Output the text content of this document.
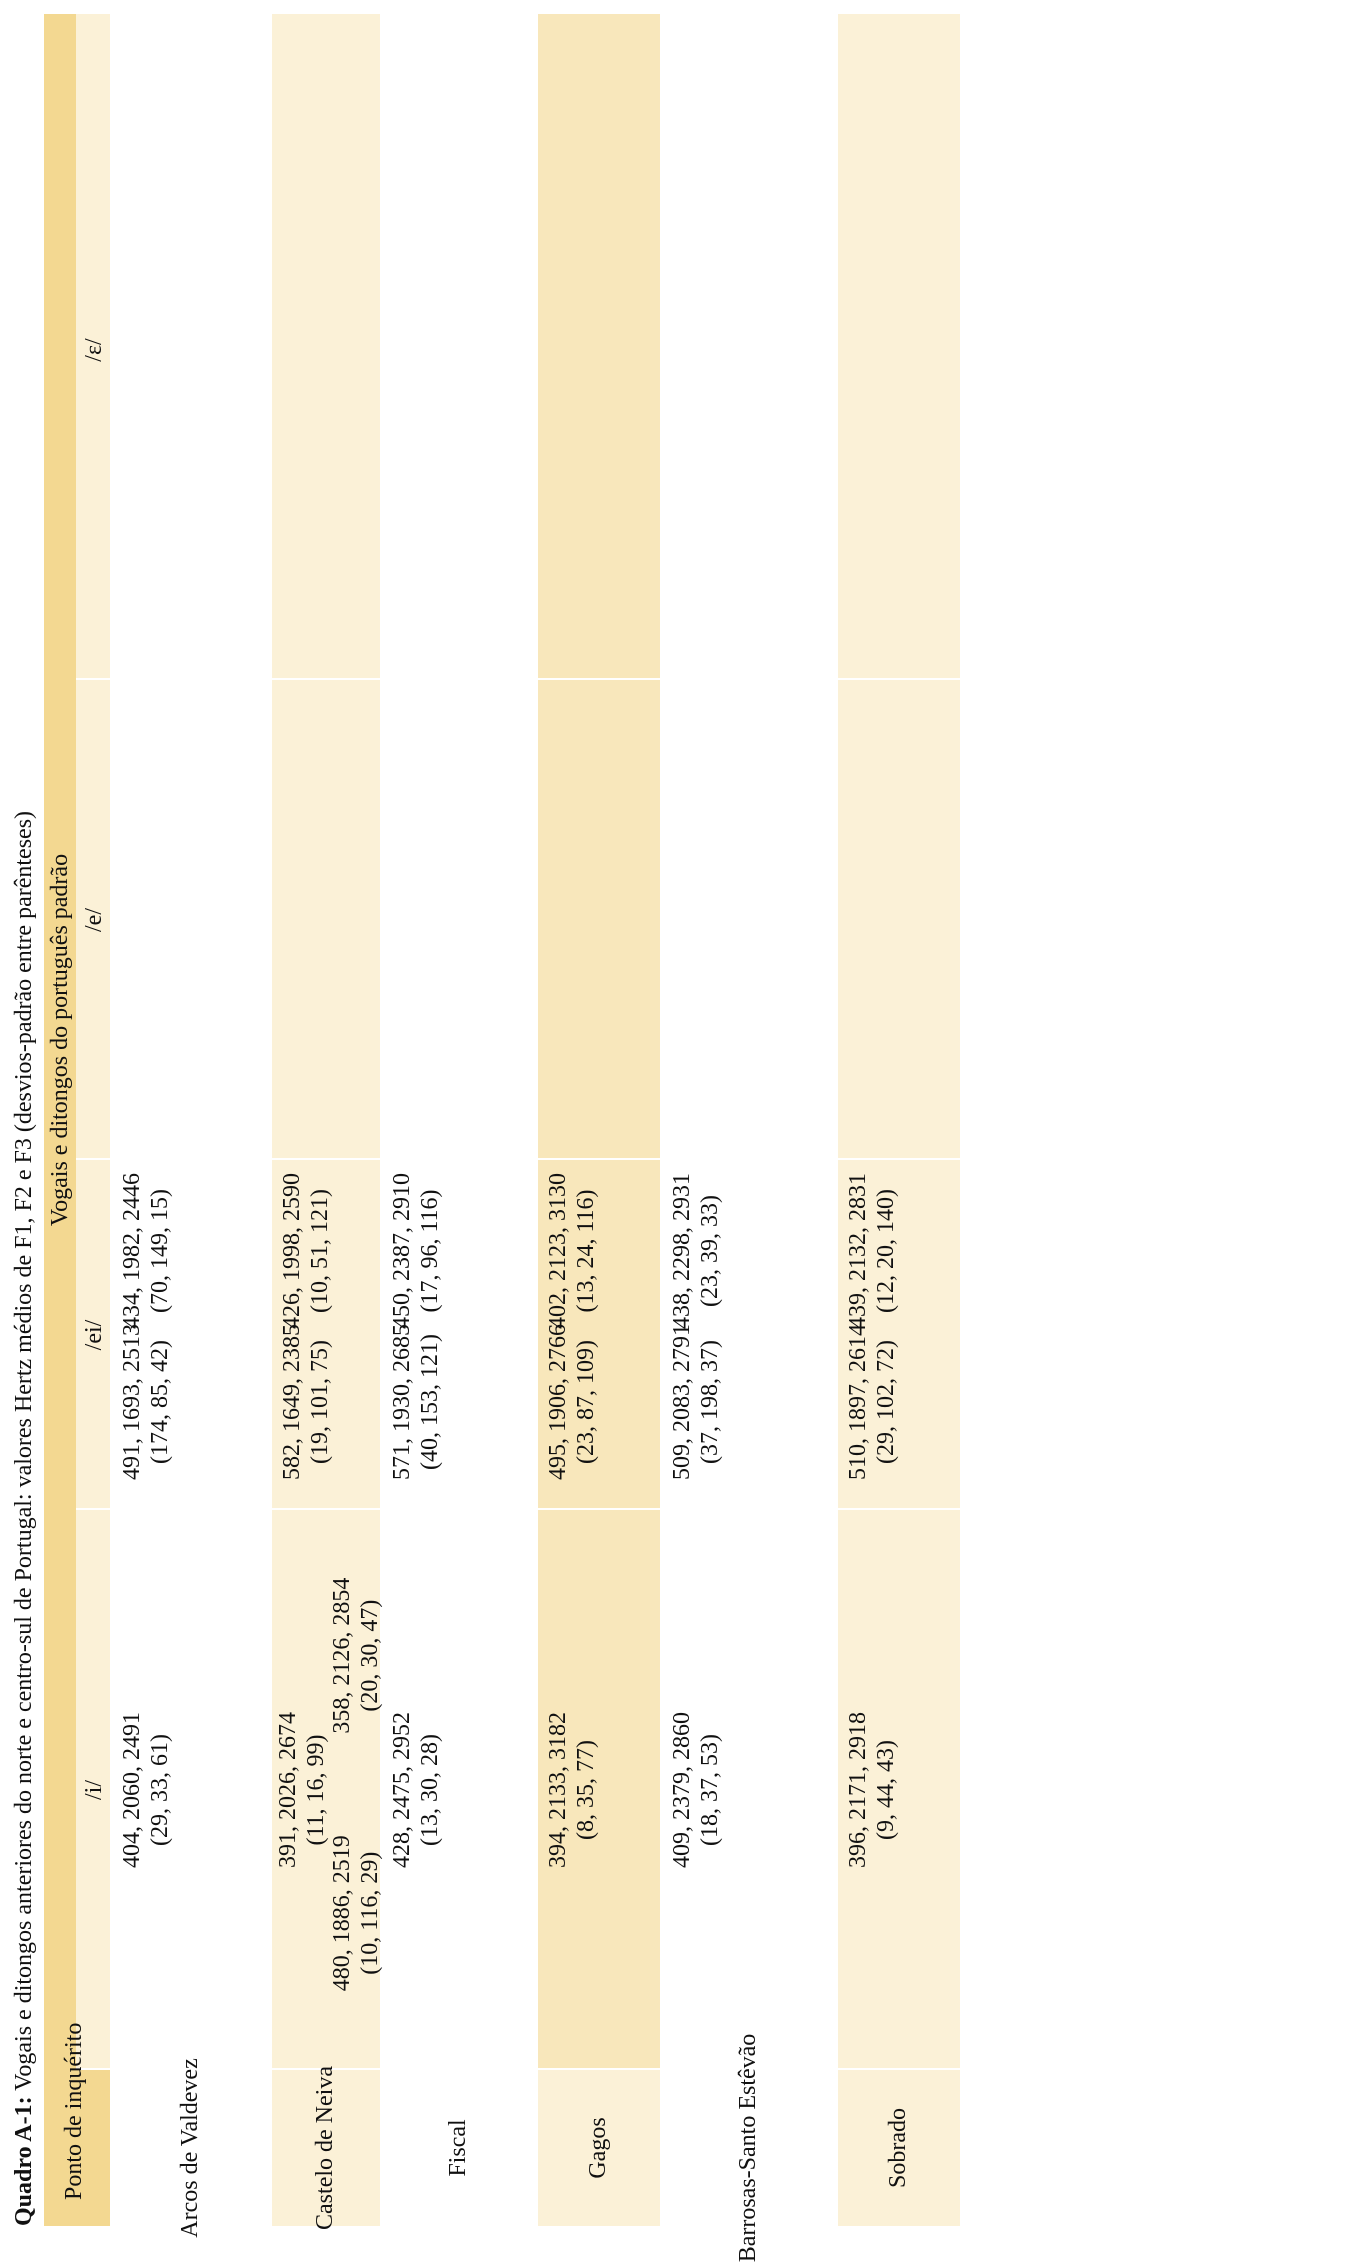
Quadro A-1: Vogais e ditongos anteriores do norte e centro-sul de Portugal: valores Hertz médios de F1, F2 e F3 (desvios-padrão entre parênteses)
Ponto de inquérito
Vogais e ditongos do português padrão
/i/
/ei/
/e/
/ɛ/
Arcos de Valdevez
404, 2060, 2491 (29, 33, 61)
491, 1693, 2513 (174, 85, 42)
434, 1982, 2446 (70, 149, 15)
Castelo de Neiva
391, 2026, 2674 (11, 16, 99)
480, 1886, 2519 (10, 116, 29)
358, 2126, 2854 (20, 30, 47)
582, 1649, 2385 (19, 101, 75)
426, 1998, 2590 (10, 51, 121)
Fiscal
428, 2475, 2952 (13, 30, 28)
571, 1930, 2685 (40, 153, 121)
450, 2387, 2910 (17, 96, 116)
Gagos
394, 2133, 3182 (8, 35, 77)
495, 1906, 2766 (23, 87, 109)
402, 2123, 3130 (13, 24, 116)
Barrosas-Santo Estêvão
409, 2379, 2860 (18, 37, 53)
509, 2083, 2791 (37, 198, 37)
438, 2298, 2931 (23, 39, 33)
Sobrado
396, 2171, 2918 (9, 44, 43)
510, 1897, 2614 (29, 102, 72)
439, 2132, 2831 (12, 20, 140)
